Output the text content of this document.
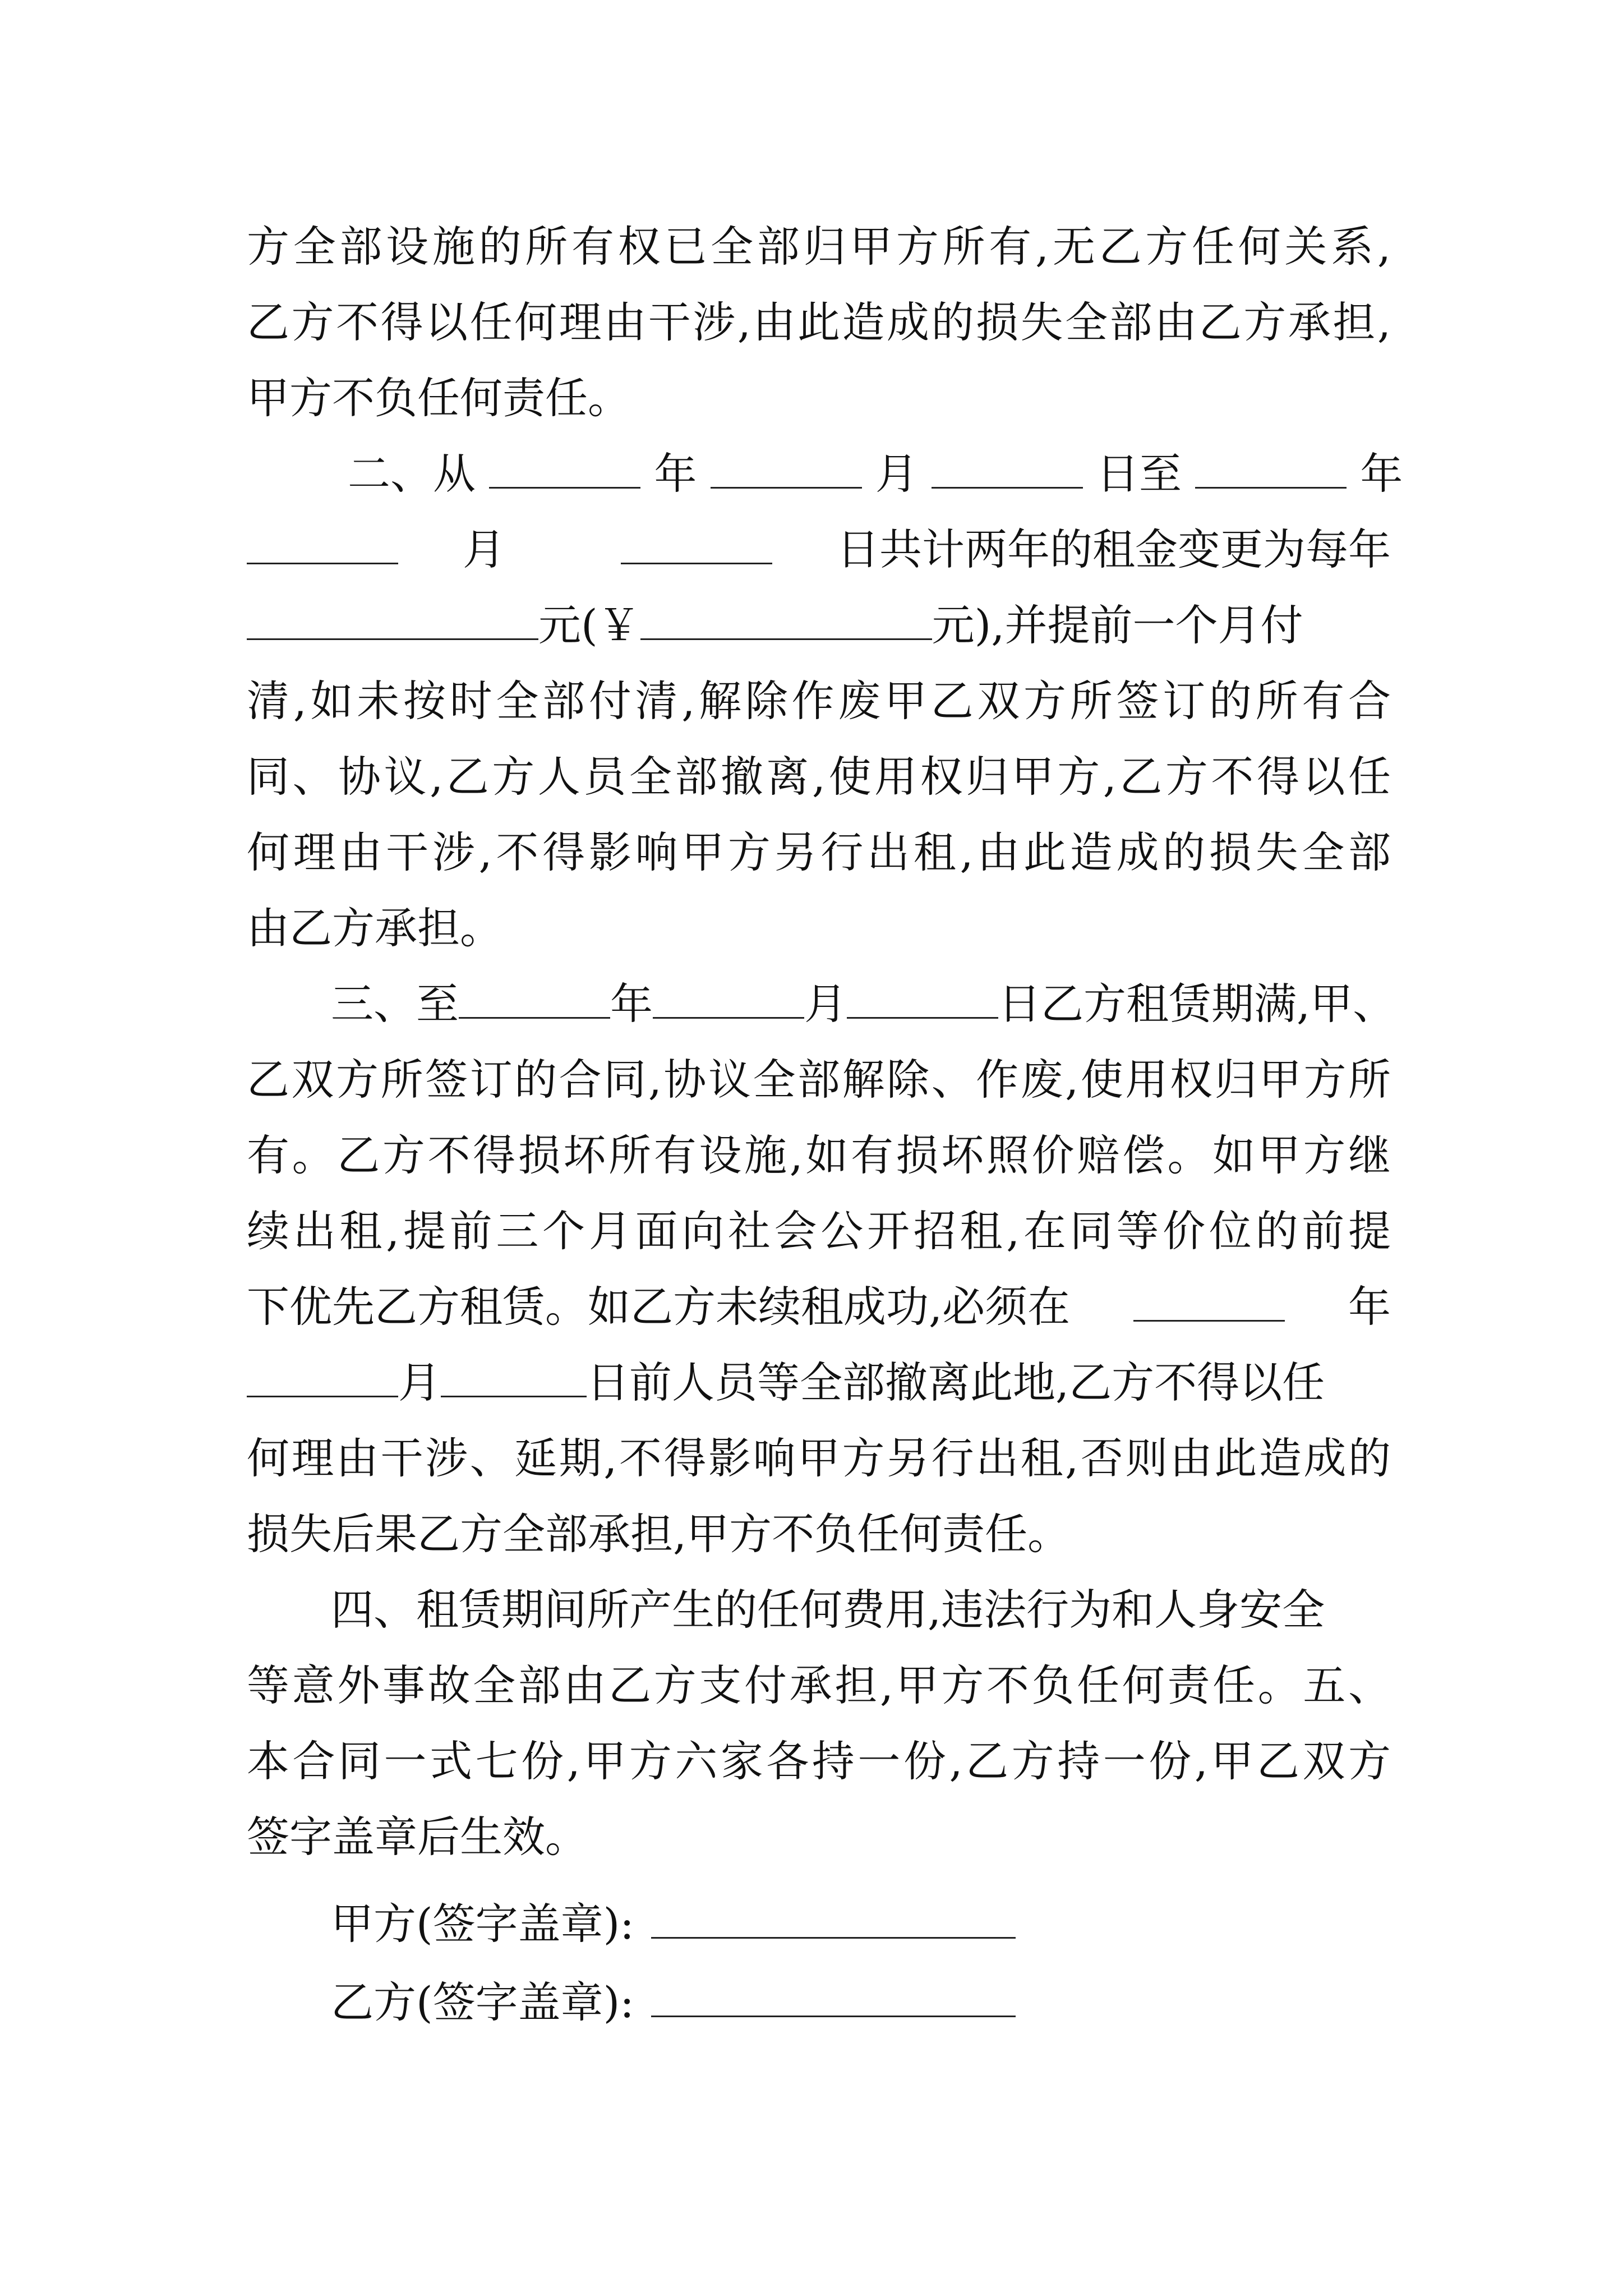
方全部设施的所有权已全部归甲方所有,无乙方任何关系,
乙方不得以任何理由干涉,由此造成的损失全部由乙方承担,
甲方不负任何责任。
二、从	年	月	日至	年
月	日共计两年的租金变更为每年
元(￥	元),并提前一个月付
清,如未按时全部付清,解除作废甲乙双方所签订的所有合
同、协议,乙方人员全部撤离,使用权归甲方,乙方不得以任
何理由干涉,不得影响甲方另行出租,由此造成的损失全部
由乙方承担。
三、至	年	月	日乙方租赁期满,甲、
乙双方所签订的合同,协议全部解除、作废,使用权归甲方所
有。乙方不得损坏所有设施,如有损坏照价赔偿。如甲方继
续出租,提前三个月面向社会公开招租,在同等价位的前提
下优先乙方租赁。如乙方未续租成功,必须在	年
月	日前人员等全部撤离此地,乙方不得以任
何理由干涉、延期,不得影响甲方另行出租,否则由此造成的
损失后果乙方全部承担,甲方不负任何责任。
四、租赁期间所产生的任何费用,违法行为和人身安全
等意外事故全部由乙方支付承担,甲方不负任何责任。五、
本合同一式七份,甲方六家各持一份,乙方持一份,甲乙双方
签字盖章后生效。
甲方(签字盖章):
乙方(签字盖章):
